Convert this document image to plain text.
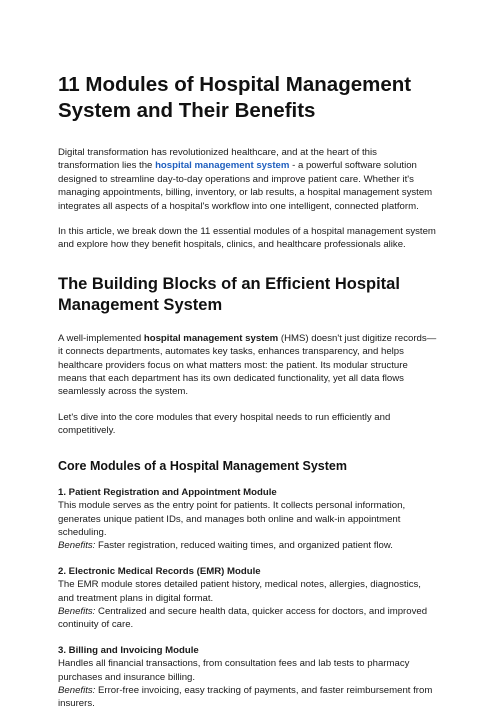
11 Modules of Hospital Management System and Their Benefits

Digital transformation has revolutionized healthcare, and at the heart of this transformation lies the hospital management system - a powerful software solution designed to streamline day-to-day operations and improve patient care. Whether it's managing appointments, billing, inventory, or lab results, a hospital management system integrates all aspects of a hospital's workflow into one intelligent, connected platform.

In this article, we break down the 11 essential modules of a hospital management system and explore how they benefit hospitals, clinics, and healthcare professionals alike.

The Building Blocks of an Efficient Hospital Management System

A well-implemented hospital management system (HMS) doesn't just digitize records—it connects departments, automates key tasks, enhances transparency, and helps healthcare providers focus on what matters most: the patient. Its modular structure means that each department has its own dedicated functionality, yet all data flows seamlessly across the system.

Let's dive into the core modules that every hospital needs to run efficiently and competitively.

Core Modules of a Hospital Management System

1. Patient Registration and Appointment Module

This module serves as the entry point for patients. It collects personal information, generates unique patient IDs, and manages both online and walk-in appointment scheduling.

Benefits: Faster registration, reduced waiting times, and organized patient flow.

2. Electronic Medical Records (EMR) Module

The EMR module stores detailed patient history, medical notes, allergies, diagnostics, and treatment plans in digital format.

Benefits: Centralized and secure health data, quicker access for doctors, and improved continuity of care.

3. Billing and Invoicing Module

Handles all financial transactions, from consultation fees and lab tests to pharmacy purchases and insurance billing.

Benefits: Error-free invoicing, easy tracking of payments, and faster reimbursement from insurers.
